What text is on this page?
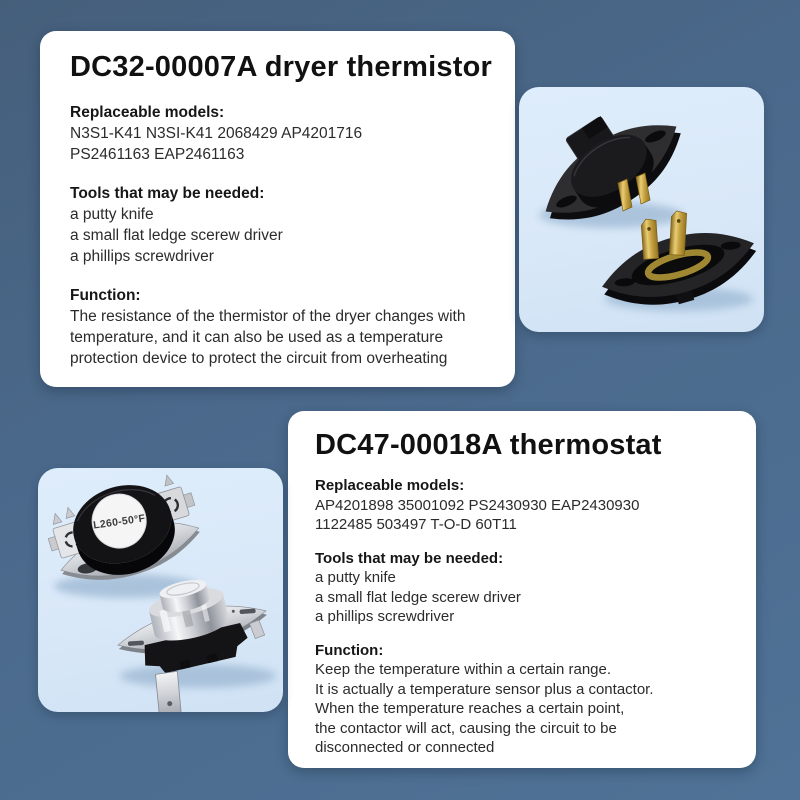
DC32-00007A dryer thermistor
Replaceable models:
N3S1-K41 N3SI-K41 2068429 AP4201716
PS2461163 EAP2461163
Tools that may be needed:
a putty knife
a small flat ledge scerew driver
a phillips screwdriver
Function:
The resistance of the thermistor of the dryer changes with
temperature, and it can also be used as a temperature
protection device to protect the circuit from overheating
DC47-00018A thermostat
Replaceable models:
AP4201898 35001092 PS2430930 EAP2430930
1122485 503497 T-O-D 60T11
Tools that may be needed:
a putty knife
a small flat ledge scerew driver
a phillips screwdriver
Function:
Keep the temperature within a certain range.
It is actually a temperature sensor plus a contactor.
When the temperature reaches a certain point,
the contactor will act, causing the circuit to be
disconnected or connected
L260-50°F
